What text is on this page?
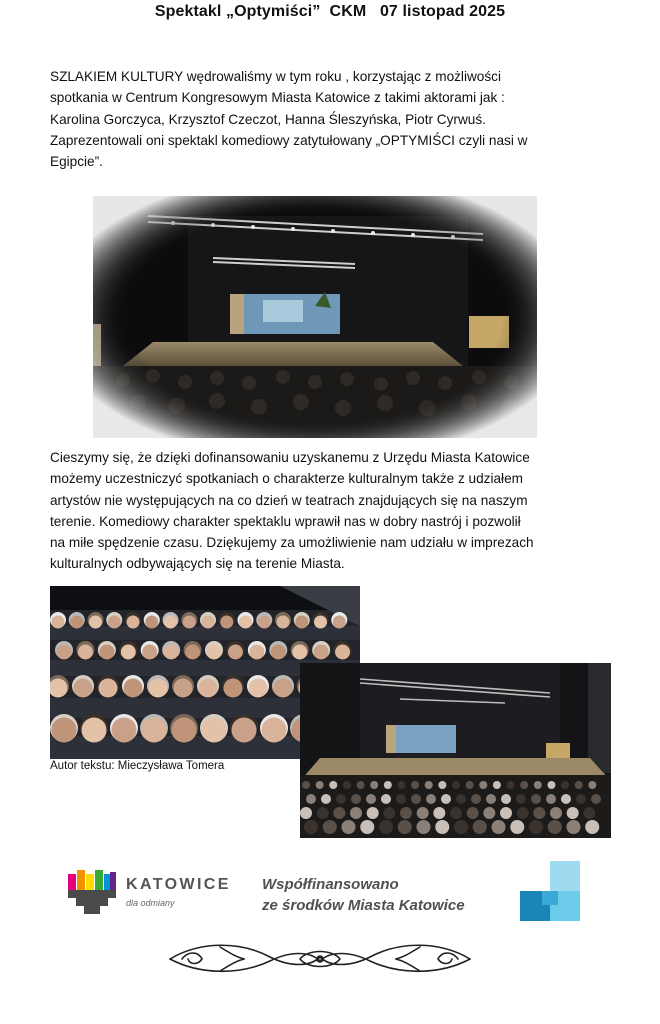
Spektakl „Optymiści” CKM 07 listopad 2025
SZLAKIEM KULTURY wędrowaliśmy w tym roku , korzystając z możliwości
spotkania w Centrum Kongresowym Miasta Katowice z takimi aktorami jak :
Karolina Gorczyca, Krzysztof Czeczot, Hanna Śleszyńska, Piotr Cyrwuś.
Zaprezentowali oni spektakl komediowy zatytułowany „OPTYMIŚCI czyli nasi w
Egipcie”.
Cieszymy się, że dzięki dofinansowaniu uzyskanemu z Urzędu Miasta Katowice
możemy uczestniczyć spotkaniach o charakterze kulturalnym także z udziałem
artystów nie występujących na co dzień w teatrach znajdujących się na naszym
terenie. Komediowy charakter spektaklu wprawił nas w dobry nastrój i pozwolił
na miłe spędzenie czasu. Dziękujemy za umożliwienie nam udziału w imprezach
kulturalnych odbywających się na terenie Miasta.
Autor tekstu: Mieczysława Tomera
KATOWICE
dla odmiany
Współfinansowano
ze środków Miasta Katowice
